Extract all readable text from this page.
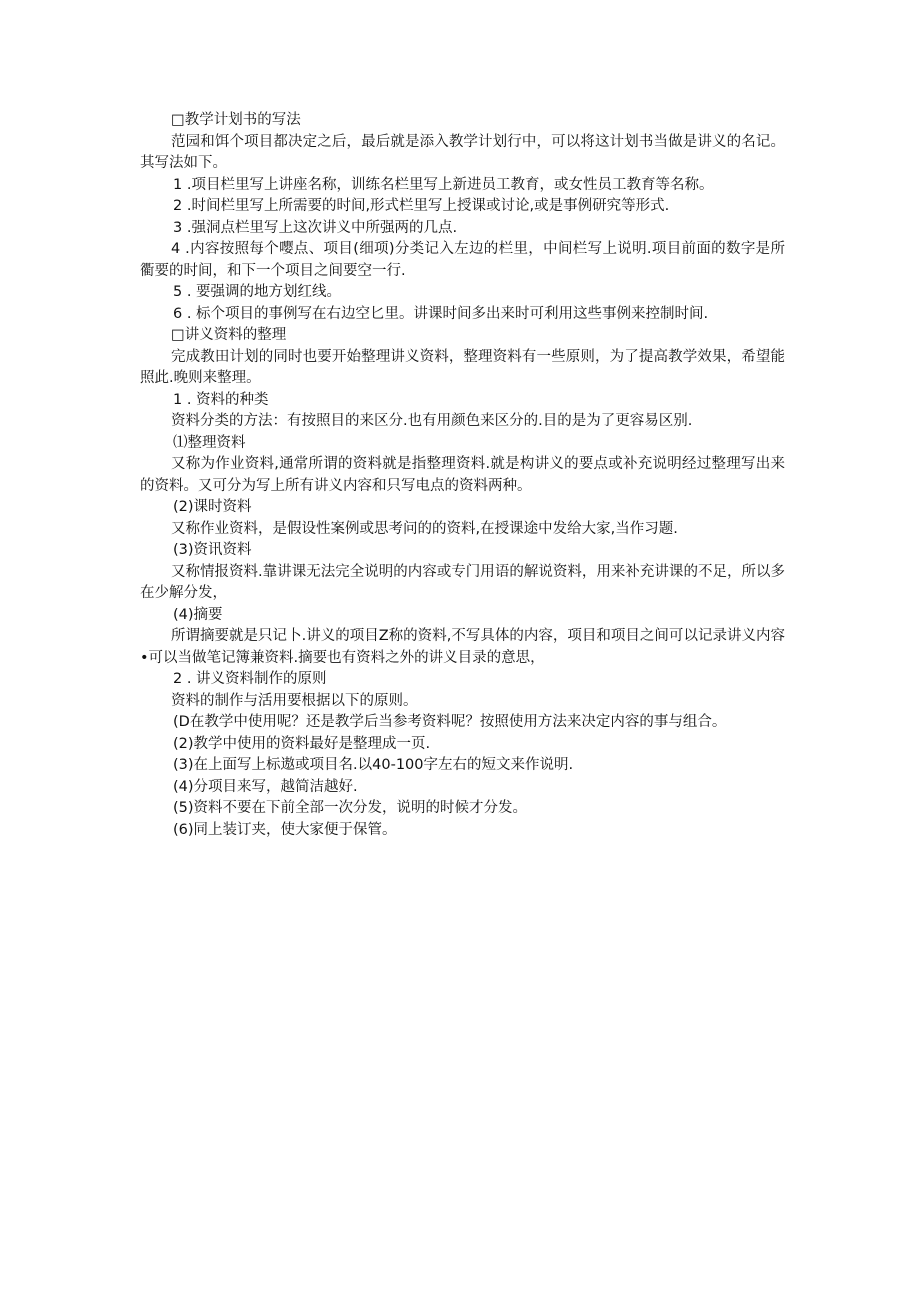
□教学计划书的写法
范园和饵个项目都决定之后，最后就是添入教学计划行中，可以将这计划书当做是讲义的名记。其写法如下。
1 .项目栏里写上讲座名称，训练名栏里写上新进员工教育，或女性员工教育等名称。
2 .时间栏里写上所需要的时间,形式栏里写上授课或讨论,或是事例研究等形式.
3 .强洞点栏里写上这次讲义中所强两的几点.
4 .内容按照每个嘤点、项目(细项)分类记入左边的栏里，中间栏写上说明.项目前面的数字是所衢要的时间，和下一个项目之间要空一行.
5 . 要强调的地方划红线。
6 . 标个项目的事例写在右边空匕里。讲课时间多出来时可利用这些事例来控制时间.
□讲义资料的整理
完成教田计划的同时也要开始整理讲义资料，整理资料有一些原则，为了提高教学效果，希望能照此.晚则来整理。
1 . 资料的种类
资料分类的方法：有按照目的来区分.也有用颜色来区分的.目的是为了更容易区别.
⑴整理资料
又称为作业资料,通常所谓的资料就是指整理资料.就是构讲义的要点或补充说明经过整理写出来的资料。又可分为写上所有讲义内容和只写电点的资料两种。
(2)课时资料
又称作业资料，是假设性案例或思考问的的资料,在授课途中发给大家,当作习题.
(3)资讯资料
又称情报资料.靠讲课无法完全说明的内容或专门用语的解说资料，用来补充讲课的不足，所以多在少解分发，
(4)摘要
所谓摘要就是只记卜.讲义的项目Z称的资料,不写具体的内容，项目和项目之间可以记录讲义内容•可以当做笔记簿兼资料.摘要也有资料之外的讲义目录的意思，
2 . 讲义资料制作的原则
资料的制作与活用要根据以下的原则。
(D在教学中使用呢？还是教学后当参考资料呢？按照使用方法来决定内容的事与组合。
(2)教学中使用的资料最好是整理成一页.
(3)在上面写上标遨或项目名.以40-100字左右的短文来作说明.
(4)分项目来写，越简洁越好.
(5)资料不要在下前全部一次分发，说明的时候才分发。
(6)同上装订夹，使大家便于保管。
